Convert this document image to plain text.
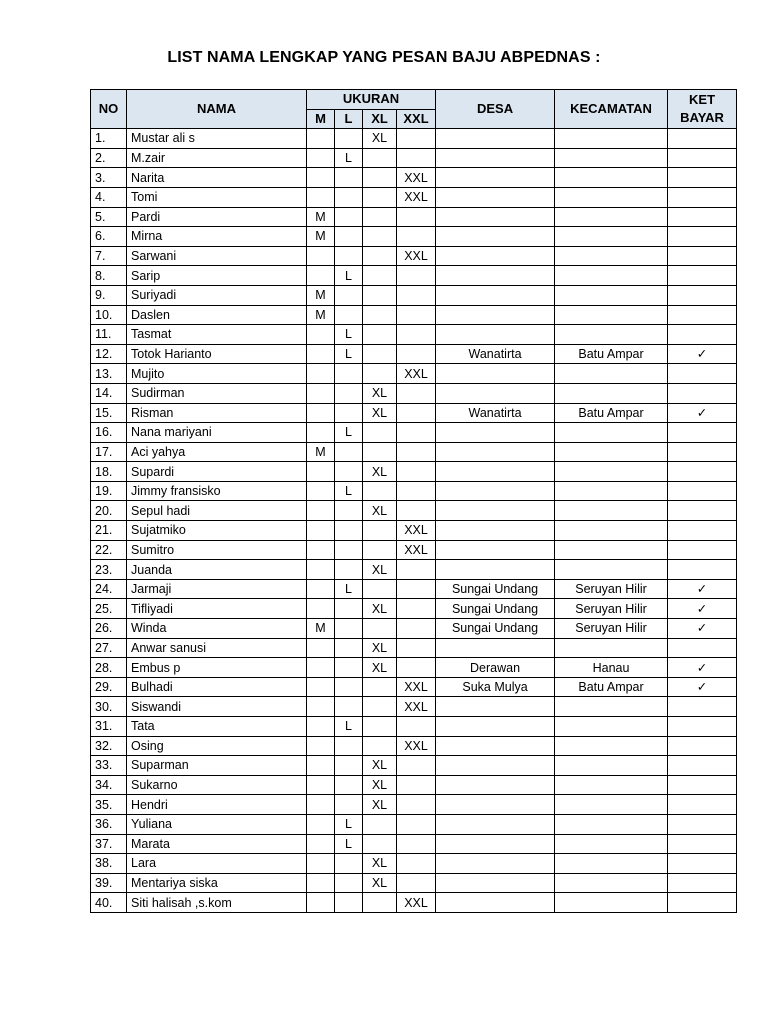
LIST NAMA LENGKAP YANG PESAN BAJU ABPEDNAS :
NO	NAMA	UKURAN				DESA	KECAMATAN	KET
BAYAR
		M	L	XL	XXL			
1.	Mustar ali s			XL				
2.	M.zair		L					
3.	Narita				XXL			
4.	Tomi				XXL			
5.	Pardi	M						
6.	Mirna	M						
7.	Sarwani				XXL			
8.	Sarip		L					
9.	Suriyadi	M						
10.	Daslen	M						
11.	Tasmat		L					
12.	Totok Harianto		L			Wanatirta	Batu Ampar	✓
13.	Mujito				XXL			
14.	Sudirman			XL				
15.	Risman			XL		Wanatirta	Batu Ampar	✓
16.	Nana mariyani		L					
17.	Aci yahya	M						
18.	Supardi			XL				
19.	Jimmy fransisko		L					
20.	Sepul hadi			XL				
21.	Sujatmiko				XXL			
22.	Sumitro				XXL			
23.	Juanda			XL				
24.	Jarmaji		L			Sungai Undang	Seruyan Hilir	✓
25.	Tifliyadi			XL		Sungai Undang	Seruyan Hilir	✓
26.	Winda	M				Sungai Undang	Seruyan Hilir	✓
27.	Anwar sanusi			XL				
28.	Embus p			XL		Derawan	Hanau	✓
29.	Bulhadi				XXL	Suka Mulya	Batu Ampar	✓
30.	Siswandi				XXL			
31.	Tata		L					
32.	Osing				XXL			
33.	Suparman			XL				
34.	Sukarno			XL				
35.	Hendri			XL				
36.	Yuliana		L					
37.	Marata		L					
38.	Lara			XL				
39.	Mentariya siska			XL				
40.	Siti halisah ,s.kom				XXL			
